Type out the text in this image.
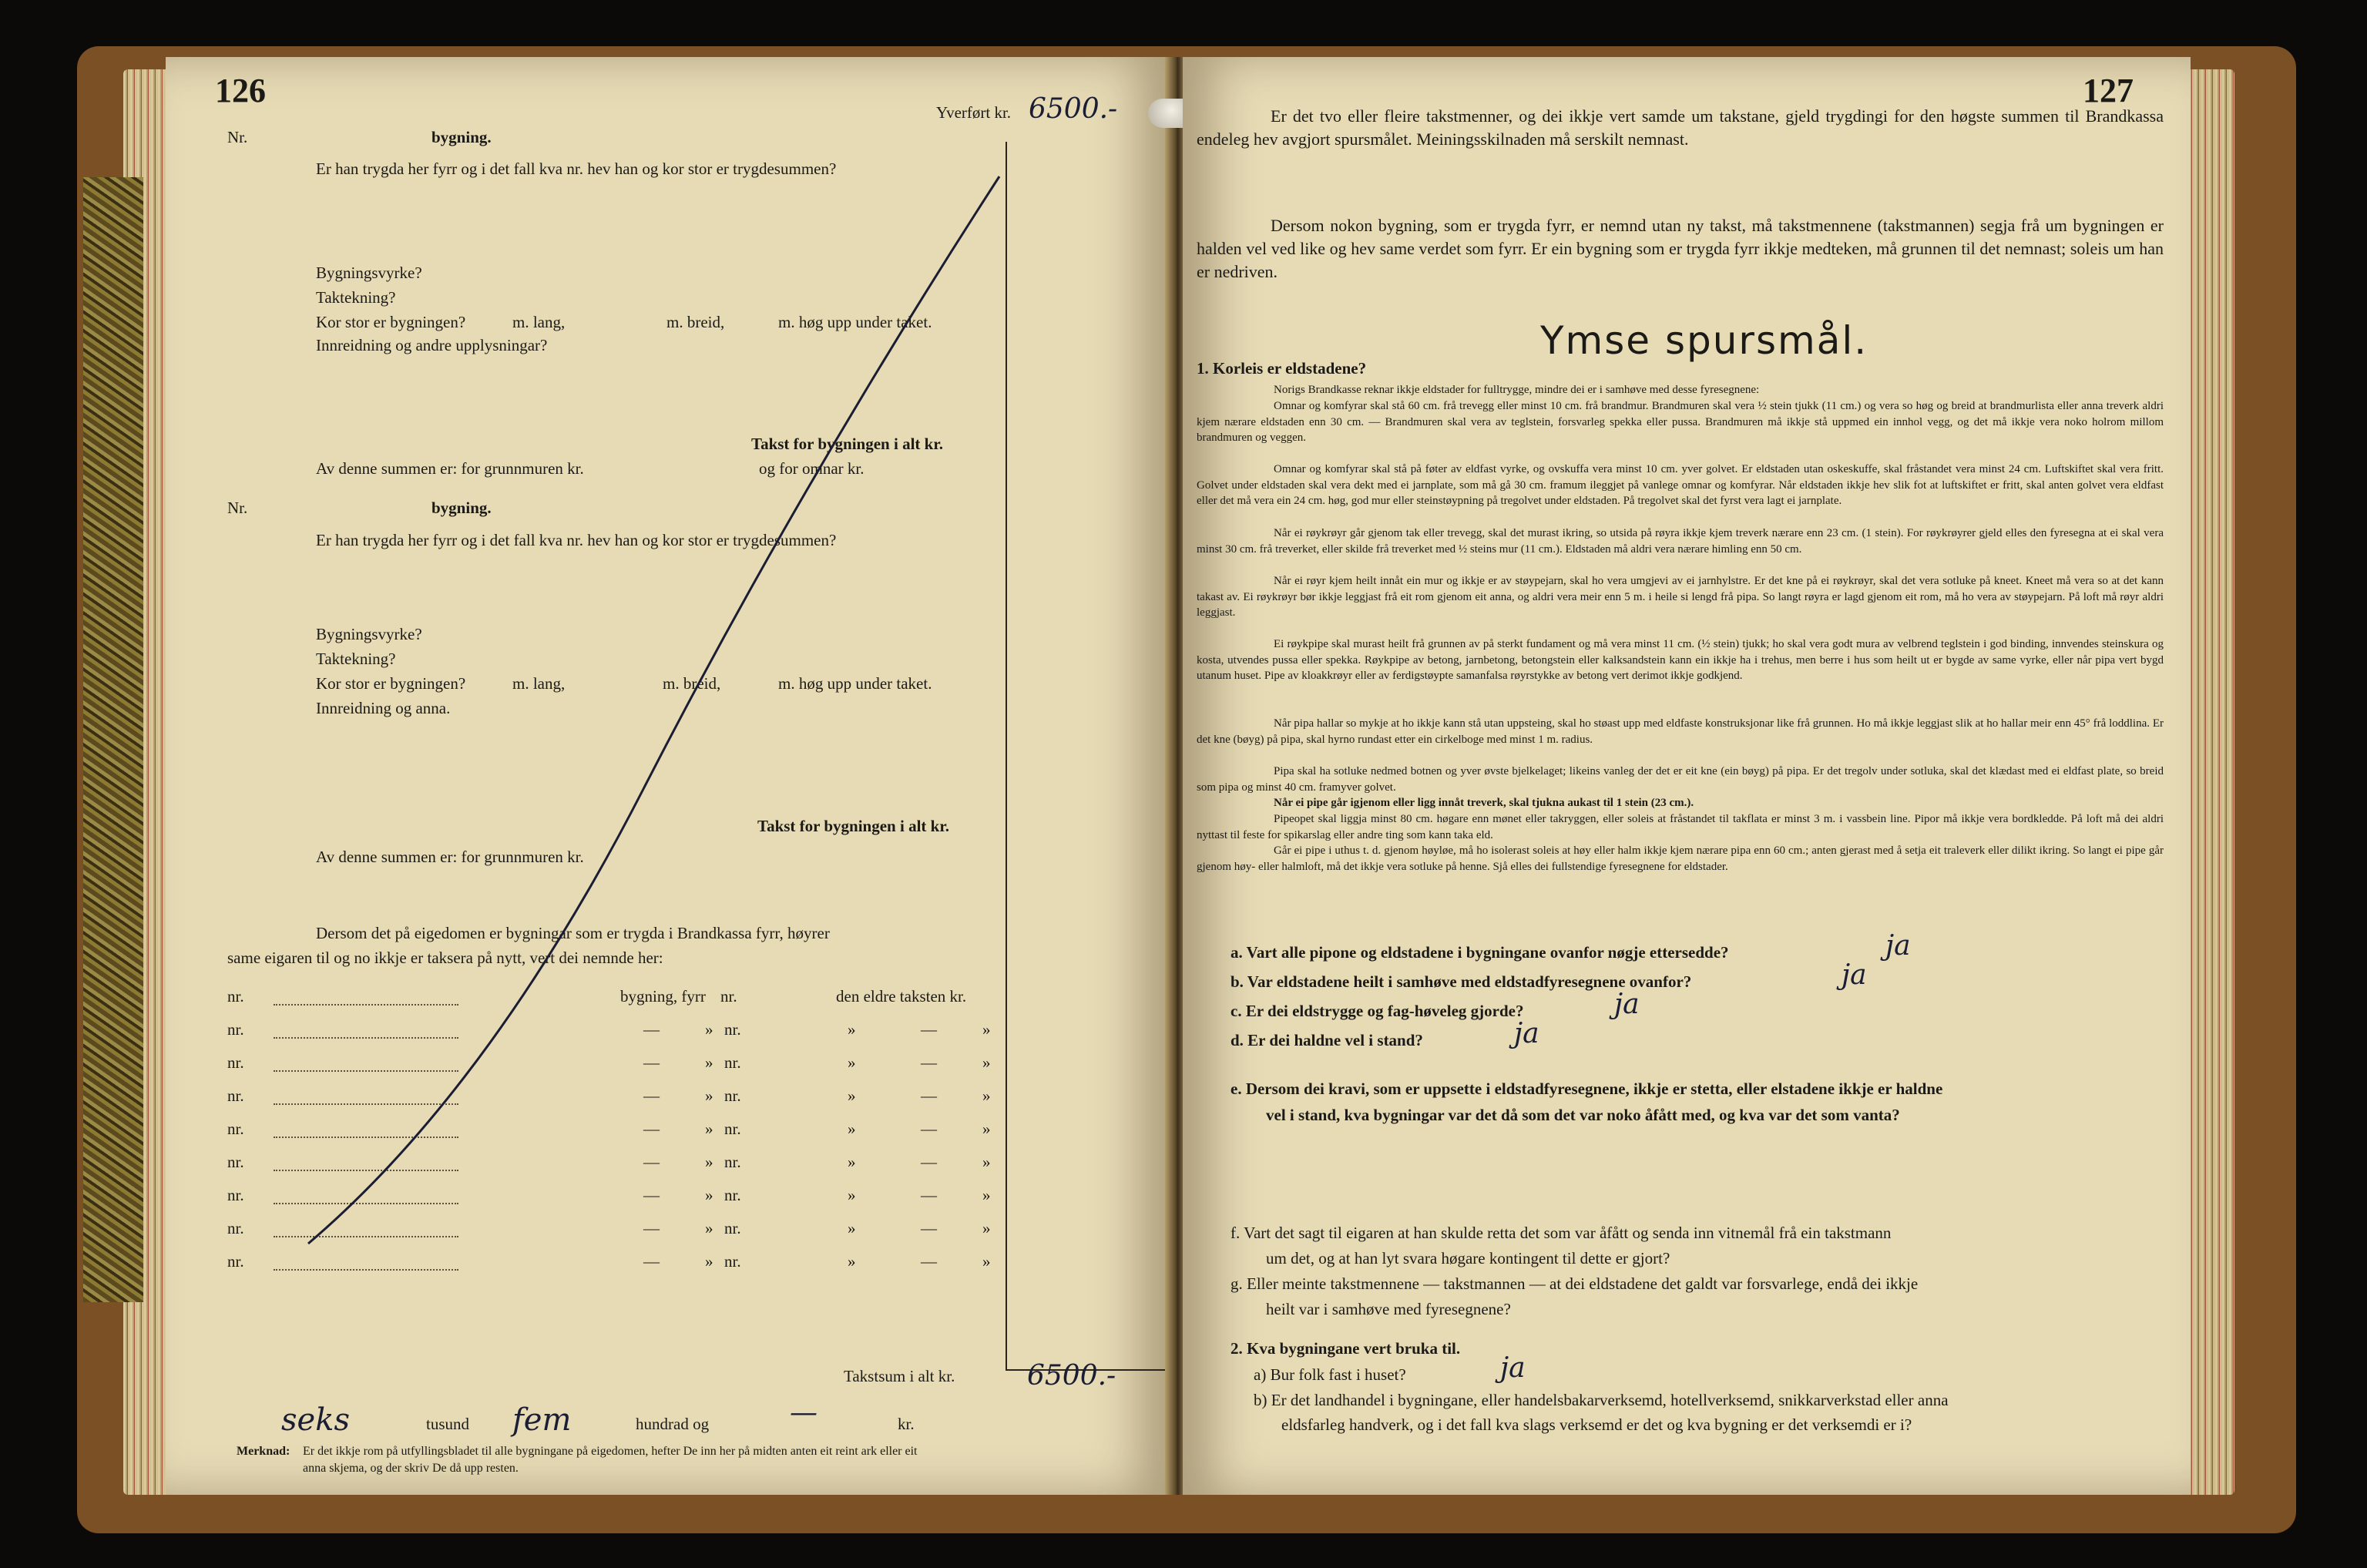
126
Yverført kr. 6500.-
Nr.	bygning.
Er han trygda her fyrr og i det fall kva nr. hev han og kor stor er trygdesummen?
Bygningsvyrke?
Taktekning?
Kor stor er bygningen?	m. lang,	m. breid,	m. høg upp under taket.
Innreidning og andre upplysningar?
Takst for bygningen i alt kr.
Av denne summen er: for grunnmuren kr.	og for omnar kr.
Nr.	bygning.
Er han trygda her fyrr og i det fall kva nr. hev han og kor stor er trygdesummen?
Bygningsvyrke?
Taktekning?
Kor stor er bygningen?	m. lang,	m. breid,	m. høg upp under taket.
Innreidning og anna.
Takst for bygningen i alt kr.
Av denne summen er: for grunnmuren kr.
Dersom det på eigedomen er bygningar som er trygda i Brandkassa fyrr, høyrer
same eigaren til og no ikkje er taksera på nytt, vert dei nemnde her:
nr.	bygning, fyrr nr.	den eldre taksten kr.
nr.	—	» nr.	»	—	»
nr.	—	» nr.	»	—	»
nr.	—	» nr.	»	—	»
nr.	—	» nr.	»	—	»
nr.	—	» nr.	»	—	»
nr.	—	» nr.	»	—	»
nr.	—	» nr.	»	—	»
nr.	—	» nr.	»	—	»
Takstsum i alt kr.	6500.-
seks	tusund fem	hundrad og	—	kr.
Merknad: Er det ikkje rom på utfyllingsbladet til alle bygningane på eigedomen, hefter De inn her på midten anten eit reint ark eller eit
anna skjema, og der skriv De då upp resten.
127
Er det tvo eller fleire takstmenner, og dei ikkje vert samde um takstane, gjeld trygdingi for den høgste summen til Brandkassa endeleg hev avgjort spursmålet. Meiningsskilnaden må serskilt nemnast.
Dersom nokon bygning, som er trygda fyrr, er nemnd utan ny takst, må takstmennene (takstmannen) segja frå um bygningen er halden vel ved like og hev same verdet som fyrr. Er ein bygning som er trygda fyrr ikkje medteken, må grunnen til det nemnast; soleis um han er nedriven.
Ymse spursmål.
1. Korleis er eldstadene?
Norigs Brandkasse reknar ikkje eldstader for fulltrygge, mindre dei er i samhøve med desse fyresegnene:
Omnar og komfyrar skal stå 60 cm. frå trevegg eller minst 10 cm. frå brandmur. Brandmuren skal vera ½ stein tjukk (11 cm.) og vera so høg og breid at brandmurlista eller anna treverk aldri kjem nærare eldstaden enn 30 cm. — Brandmuren skal vera av teglstein, forsvarleg spekka eller pussa. Brandmuren må ikkje stå uppmed ein innhol vegg, og det må ikkje vera noko holrom millom brandmuren og veggen.
Omnar og komfyrar skal stå på føter av eldfast vyrke, og ovskuffa vera minst 10 cm. yver golvet. Er eldstaden utan oskeskuffe, skal fråstandet vera minst 24 cm. Luftskiftet skal vera fritt. Golvet under eldstaden skal vera dekt med ei jarnplate, som må gå 30 cm. framum ileggjet på vanlege omnar og komfyrar. Når eldstaden ikkje hev slik fot at luftskiftet er fritt, skal anten golvet vera eldfast eller det må vera ein 24 cm. høg, god mur eller steinstøypning på tregolvet under eldstaden. På tregolvet skal det fyrst vera lagt ei jarnplate.
Når ei røykrøyr går gjenom tak eller trevegg, skal det murast ikring, so utsida på røyra ikkje kjem treverk nærare enn 23 cm. (1 stein). For røykrøyrer gjeld elles den fyresegna at ei skal vera minst 30 cm. frå treverket, eller skilde frå treverket med ½ steins mur (11 cm.). Eldstaden må aldri vera nærare himling enn 50 cm.
Når ei røyr kjem heilt innåt ein mur og ikkje er av støypejarn, skal ho vera umgjevi av ei jarnhylstre. Er det kne på ei røykrøyr, skal det vera sotluke på kneet. Kneet må vera so at det kann takast av. Ei røykrøyr bør ikkje leggjast frå eit rom gjenom eit anna, og aldri vera meir enn 5 m. i heile si lengd frå pipa. So langt røyra er lagd gjenom eit rom, må ho vera av støypejarn. På loft må røyr aldri leggjast.
Ei røykpipe skal murast heilt frå grunnen av på sterkt fundament og må vera minst 11 cm. (½ stein) tjukk; ho skal vera godt mura av velbrend teglstein i god binding, innvendes steinskura og kosta, utvendes pussa eller spekka. Røykpipe av betong, jarnbetong, betongstein eller kalksandstein kann ein ikkje ha i trehus, men berre i hus som heilt ut er bygde av same vyrke, eller når pipa vert bygd utanum huset. Pipe av kloakkrøyr eller av ferdigstøypte samanfalsa røyrstykke av betong vert derimot ikkje godkjend.
Når pipa hallar so mykje at ho ikkje kann stå utan uppsteing, skal ho støast upp med eldfaste konstruksjonar like frå grunnen. Ho må ikkje leggjast slik at ho hallar meir enn 45° frå loddlina. Er det kne (bøyg) på pipa, skal hyrno rundast etter ein cirkelboge med minst 1 m. radius.
Pipa skal ha sotluke nedmed botnen og yver øvste bjelkelaget; likeins vanleg der det er eit kne (ein bøyg) på pipa. Er det tregolv under sotluka, skal det klædast med ei eldfast plate, so breid som pipa og minst 40 cm. framyver golvet.
Når ei pipe går igjenom eller ligg innåt treverk, skal tjukna aukast til 1 stein (23 cm.).
Pipeopet skal liggja minst 80 cm. høgare enn mønet eller takryggen, eller soleis at fråstandet til takflata er minst 3 m. i vassbein line. Pipor må ikkje vera bordkledde. På loft må dei aldri nyttast til feste for spikarslag eller andre ting som kann taka eld.
Går ei pipe i uthus t. d. gjenom høyløe, må ho isolerast soleis at høy eller halm ikkje kjem nærare pipa enn 60 cm.; anten gjerast med å setja eit traleverk eller dilikt ikring. So langt ei pipe går gjenom høy- eller halmloft, må det ikkje vera sotluke på henne. Sjå elles dei fullstendige fyresegnene for eldstader.
a. Vart alle pipone og eldstadene i bygningane ovanfor nøgje ettersedde?	ja
b. Var eldstadene heilt i samhøve med eldstadfyresegnene ovanfor?	ja
c. Er dei eldstrygge og fag-høveleg gjorde?	ja
d. Er dei haldne vel i stand?	ja
e. Dersom dei kravi, som er uppsette i eldstadfyresegnene, ikkje er stetta, eller elstadene ikkje er haldne
vel i stand, kva bygningar var det då som det var noko åfått med, og kva var det som vanta?
f. Vart det sagt til eigaren at han skulde retta det som var åfått og senda inn vitnemål frå ein takstmann
um det, og at han lyt svara høgare kontingent til dette er gjort?
g. Eller meinte takstmennene — takstmannen — at dei eldstadene det galdt var forsvarlege, endå dei ikkje
heilt var i samhøve med fyresegnene?
2. Kva bygningane vert bruka til.
a) Bur folk fast i huset?	ja
b) Er det landhandel i bygningane, eller handelsbakarverksemd, hotellverksemd, snikkarverkstad eller anna
eldsfarleg handverk, og i det fall kva slags verksemd er det og kva bygning er det verksemdi er i?
